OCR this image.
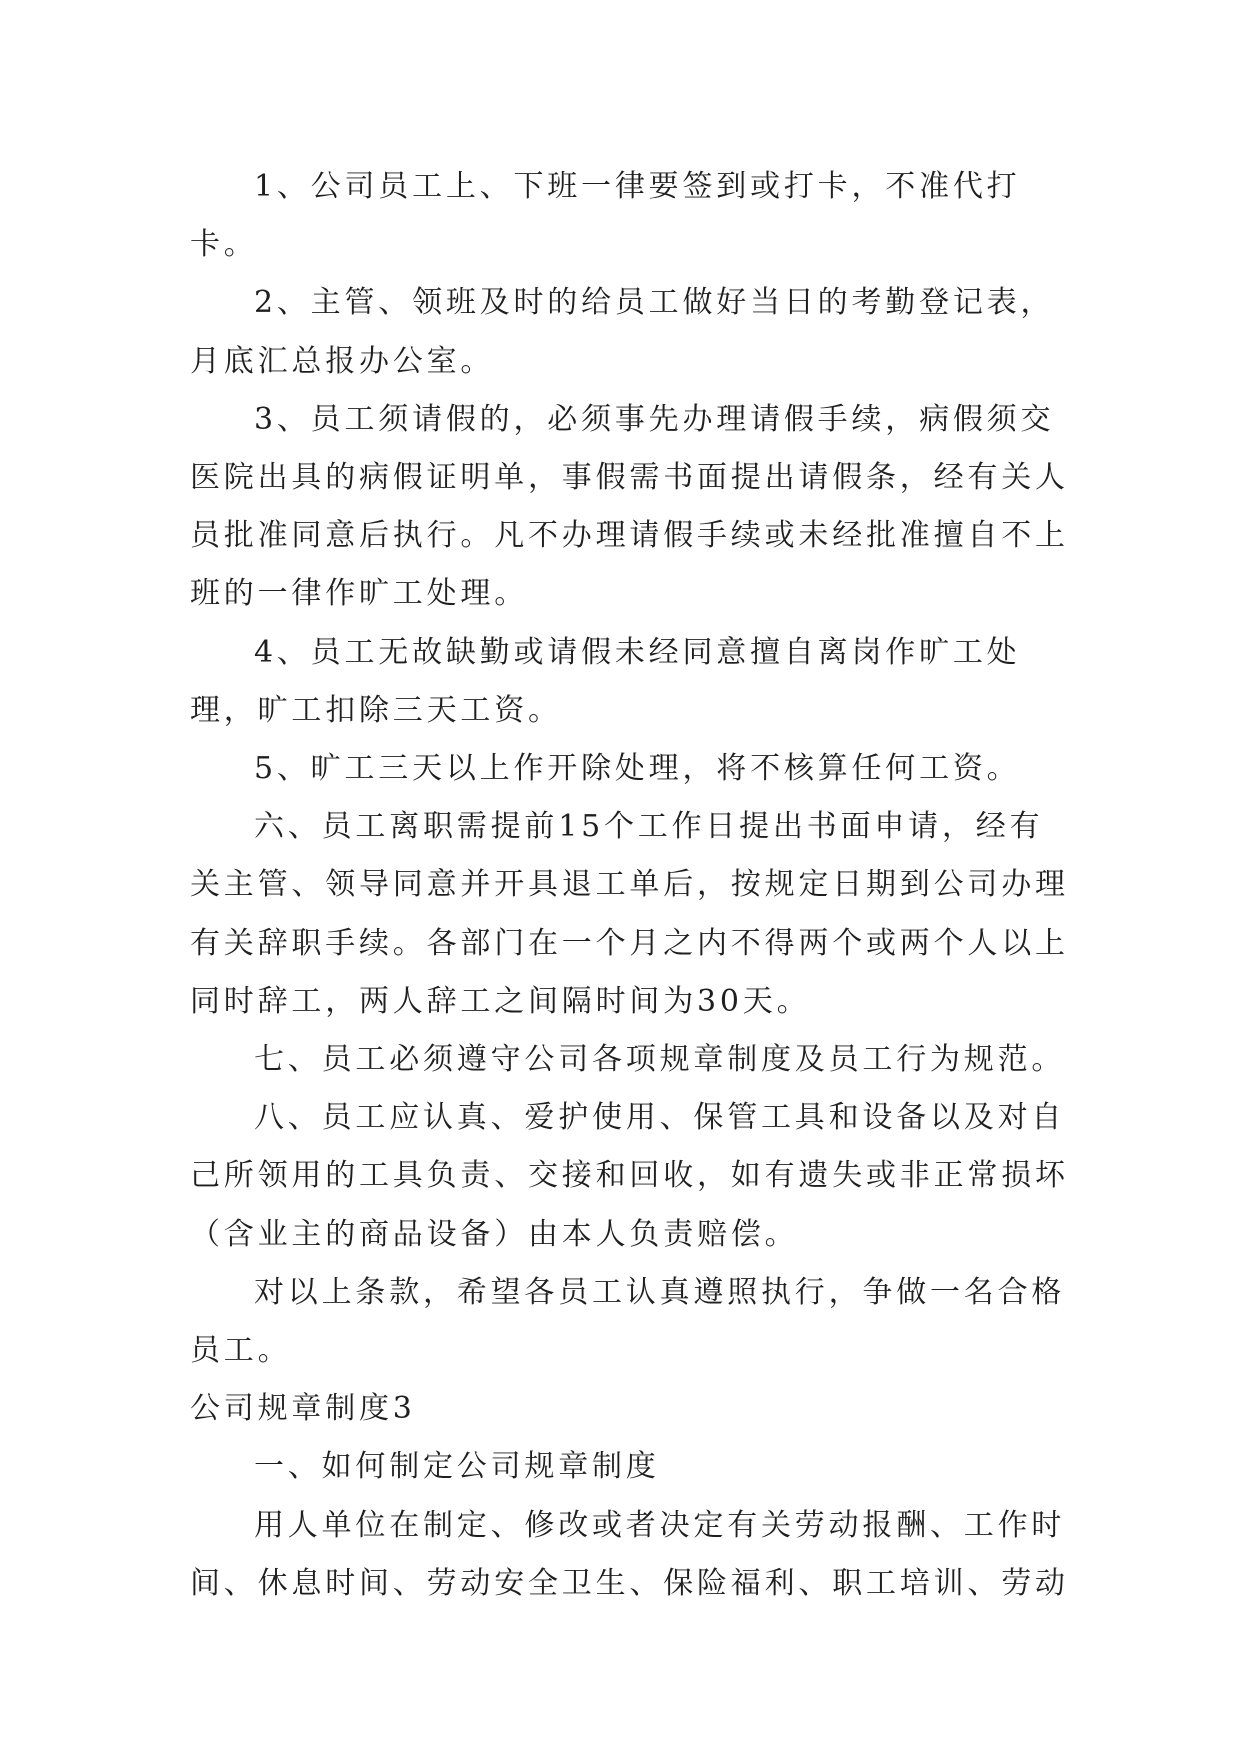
1、公司员工上、下班一律要签到或打卡，不准代打卡。

2、主管、领班及时的给员工做好当日的考勤登记表，月底汇总报办公室。

3、员工须请假的，必须事先办理请假手续，病假须交医院出具的病假证明单，事假需书面提出请假条，经有关人员批准同意后执行。凡不办理请假手续或未经批准擅自不上班的一律作旷工处理。

4、员工无故缺勤或请假未经同意擅自离岗作旷工处理，旷工扣除三天工资。

5、旷工三天以上作开除处理，将不核算任何工资。

六、员工离职需提前15个工作日提出书面申请，经有关主管、领导同意并开具退工单后，按规定日期到公司办理有关辞职手续。各部门在一个月之内不得两个或两个人以上同时辞工，两人辞工之间隔时间为30天。

七、员工必须遵守公司各项规章制度及员工行为规范。

八、员工应认真、爱护使用、保管工具和设备以及对自己所领用的工具负责、交接和回收，如有遗失或非正常损坏（含业主的商品设备）由本人负责赔偿。

对以上条款，希望各员工认真遵照执行，争做一名合格员工。

公司规章制度3

一、如何制定公司规章制度

用人单位在制定、修改或者决定有关劳动报酬、工作时间、休息时间、劳动安全卫生、保险福利、职工培训、劳动
